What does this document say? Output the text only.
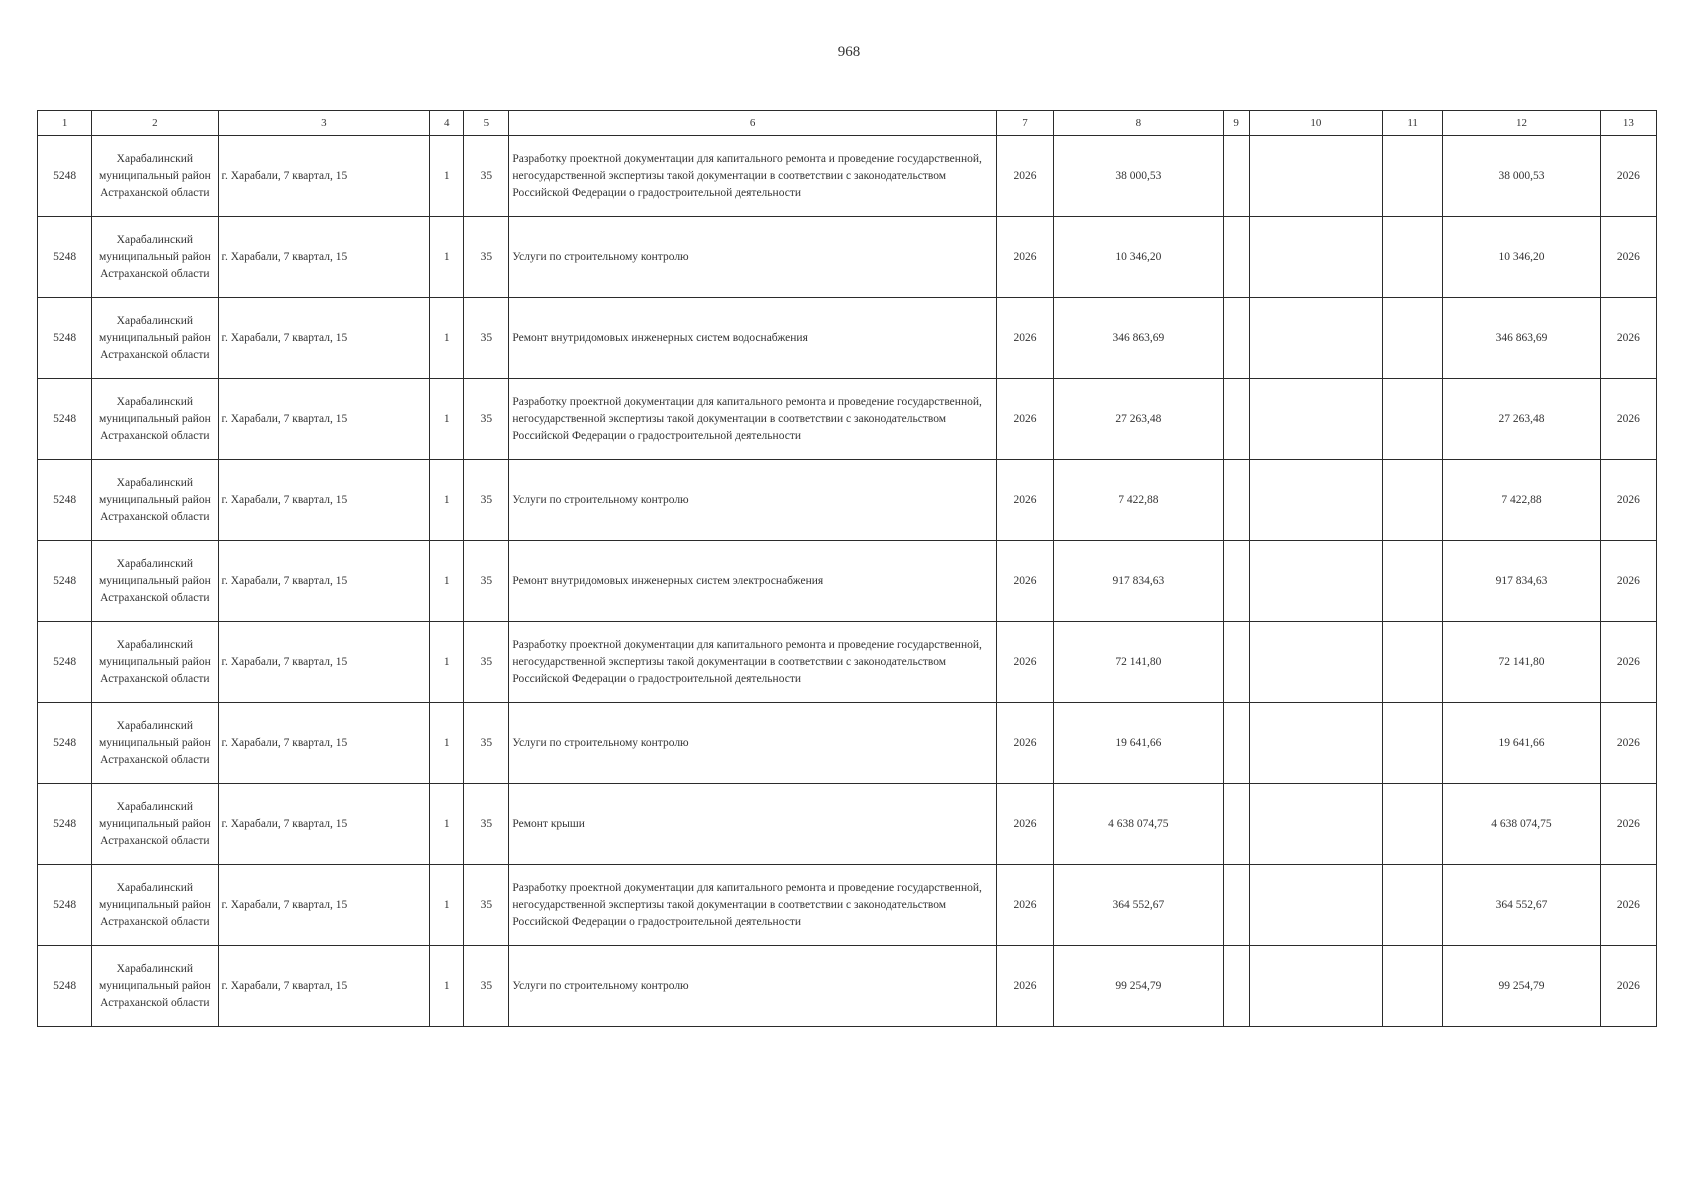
968
1	2	3	4	5	6	7	8	9	10	11	12	13
5248	Харабалинский муниципальный район Астраханской области	г. Харабали, 7 квартал, 15	1	35	Разработку проектной документации для капитального ремонта и проведение государственной, негосударственной экспертизы такой документации в соответствии с законодательством Российской Федерации о градостроительной деятельности	2026	38 000,53				38 000,53	2026
5248	Харабалинский муниципальный район Астраханской области	г. Харабали, 7 квартал, 15	1	35	Услуги по строительному контролю	2026	10 346,20				10 346,20	2026
5248	Харабалинский муниципальный район Астраханской области	г. Харабали, 7 квартал, 15	1	35	Ремонт внутридомовых инженерных систем водоснабжения	2026	346 863,69				346 863,69	2026
5248	Харабалинский муниципальный район Астраханской области	г. Харабали, 7 квартал, 15	1	35	Разработку проектной документации для капитального ремонта и проведение государственной, негосударственной экспертизы такой документации в соответствии с законодательством Российской Федерации о градостроительной деятельности	2026	27 263,48				27 263,48	2026
5248	Харабалинский муниципальный район Астраханской области	г. Харабали, 7 квартал, 15	1	35	Услуги по строительному контролю	2026	7 422,88				7 422,88	2026
5248	Харабалинский муниципальный район Астраханской области	г. Харабали, 7 квартал, 15	1	35	Ремонт внутридомовых инженерных систем электроснабжения	2026	917 834,63				917 834,63	2026
5248	Харабалинский муниципальный район Астраханской области	г. Харабали, 7 квартал, 15	1	35	Разработку проектной документации для капитального ремонта и проведение государственной, негосударственной экспертизы такой документации в соответствии с законодательством Российской Федерации о градостроительной деятельности	2026	72 141,80				72 141,80	2026
5248	Харабалинский муниципальный район Астраханской области	г. Харабали, 7 квартал, 15	1	35	Услуги по строительному контролю	2026	19 641,66				19 641,66	2026
5248	Харабалинский муниципальный район Астраханской области	г. Харабали, 7 квартал, 15	1	35	Ремонт крыши	2026	4 638 074,75				4 638 074,75	2026
5248	Харабалинский муниципальный район Астраханской области	г. Харабали, 7 квартал, 15	1	35	Разработку проектной документации для капитального ремонта и проведение государственной, негосударственной экспертизы такой документации в соответствии с законодательством Российской Федерации о градостроительной деятельности	2026	364 552,67				364 552,67	2026
5248	Харабалинский муниципальный район Астраханской области	г. Харабали, 7 квартал, 15	1	35	Услуги по строительному контролю	2026	99 254,79				99 254,79	2026
